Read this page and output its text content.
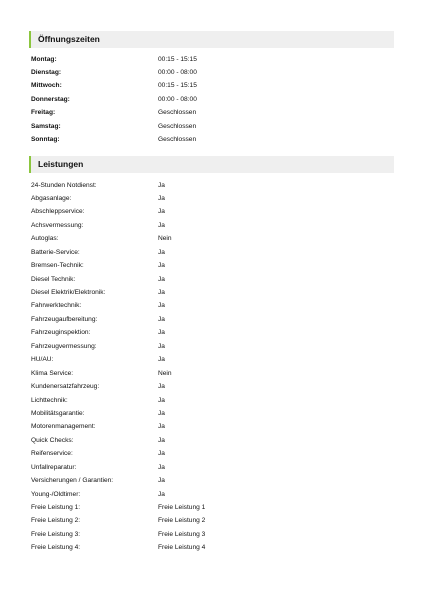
Öffnungszeiten
Montag:	00:15 - 15:15
Dienstag:	00:00 - 08:00
Mittwoch:	00:15 - 15:15
Donnerstag:	00:00 - 08:00
Freitag:	Geschlossen
Samstag:	Geschlossen
Sonntag:	Geschlossen
Leistungen
24-Stunden Notdienst:	Ja
Abgasanlage:	Ja
Abschleppservice:	Ja
Achsvermessung:	Ja
Autoglas:	Nein
Batterie-Service:	Ja
Bremsen-Technik:	Ja
Diesel Technik:	Ja
Diesel Elektrik/Elektronik:	Ja
Fahrwerktechnik:	Ja
Fahrzeugaufbereitung:	Ja
Fahrzeuginspektion:	Ja
Fahrzeugvermessung:	Ja
HU/AU:	Ja
Klima Service:	Nein
Kundenersatzfahrzeug:	Ja
Lichttechnik:	Ja
Mobilitätsgarantie:	Ja
Motorenmanagement:	Ja
Quick Checks:	Ja
Reifenservice:	Ja
Unfallreparatur:	Ja
Versicherungen / Garantien:	Ja
Young-/Oldtimer:	Ja
Freie Leistung 1:	Freie Leistung 1
Freie Leistung 2:	Freie Leistung 2
Freie Leistung 3:	Freie Leistung 3
Freie Leistung 4:	Freie Leistung 4
